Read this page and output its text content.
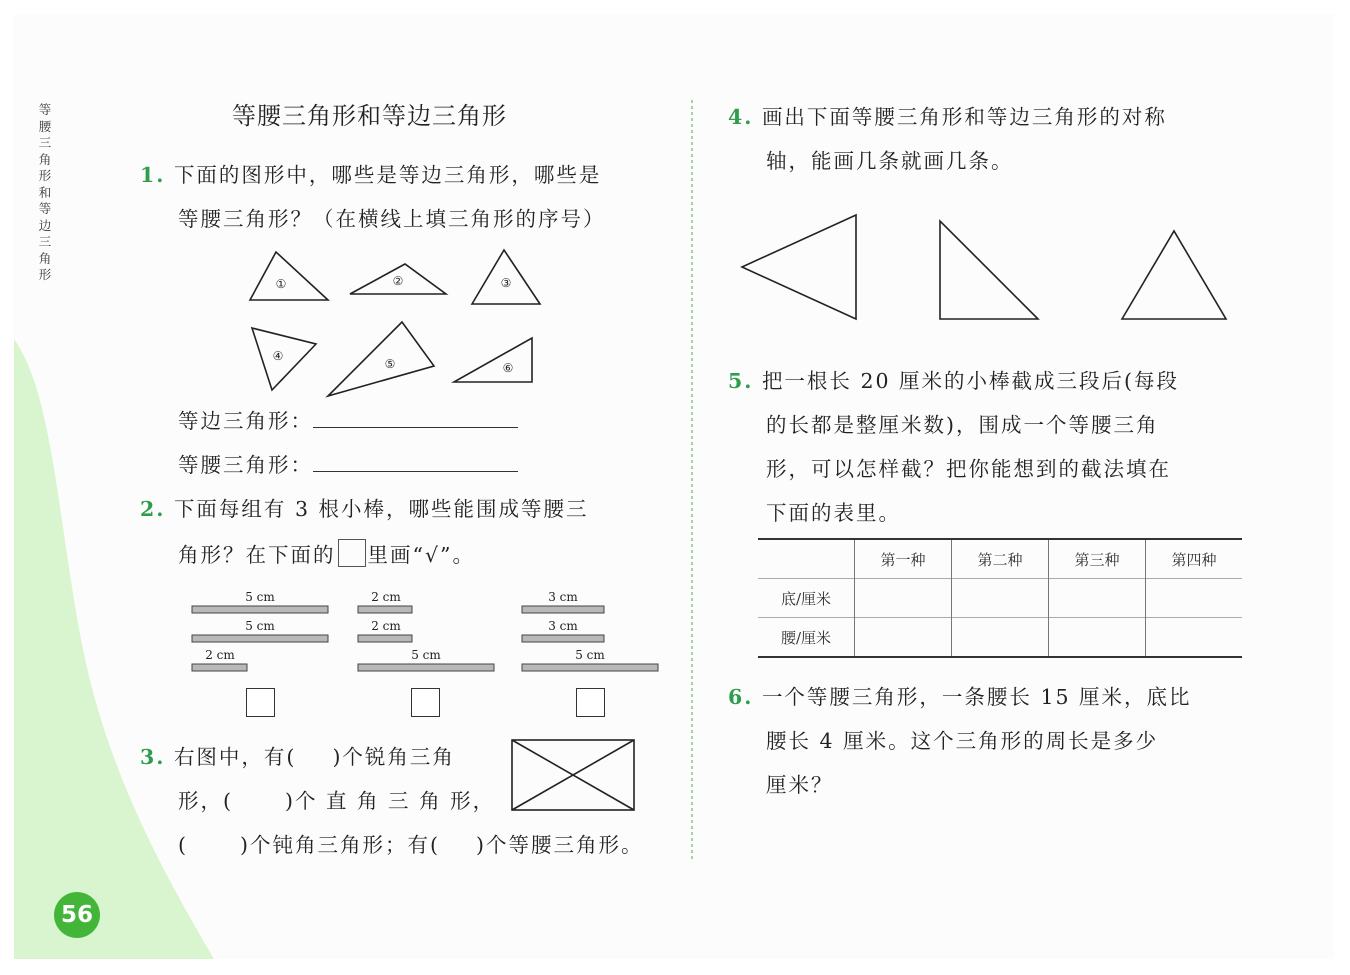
等腰三角形和等边三角形
56
等腰三角形和等边三角形
1. 下面的图形中，哪些是等边三角形，哪些是
等腰三角形？（在横线上填三角形的序号）
①	②	③
④
⑤	⑥
等边三角形：
等腰三角形：
2. 下面每组有 3 根小棒，哪些能围成等腰三
角形？在下面的 里画“√”。
5 cm
5 cm
2 cm
2 cm
2 cm
5 cm
3 cm
3 cm
5 cm
3. 右图中，有( )个锐角三角
形，(	)个 直 角 三 角 形，
(	)个钝角三角形；有( )个等腰三角形。
4. 画出下面等腰三角形和等边三角形的对称
轴，能画几条就画几条。
5. 把一根长 20 厘米的小棒截成三段后(每段
的长都是整厘米数)，围成一个等腰三角
形，可以怎样截？把你能想到的截法填在
下面的表里。
	第一种	第二种	第三种	第四种
底/厘米				
腰/厘米				
6. 一个等腰三角形，一条腰长 15 厘米，底比
腰长 4 厘米。这个三角形的周长是多少
厘米？
